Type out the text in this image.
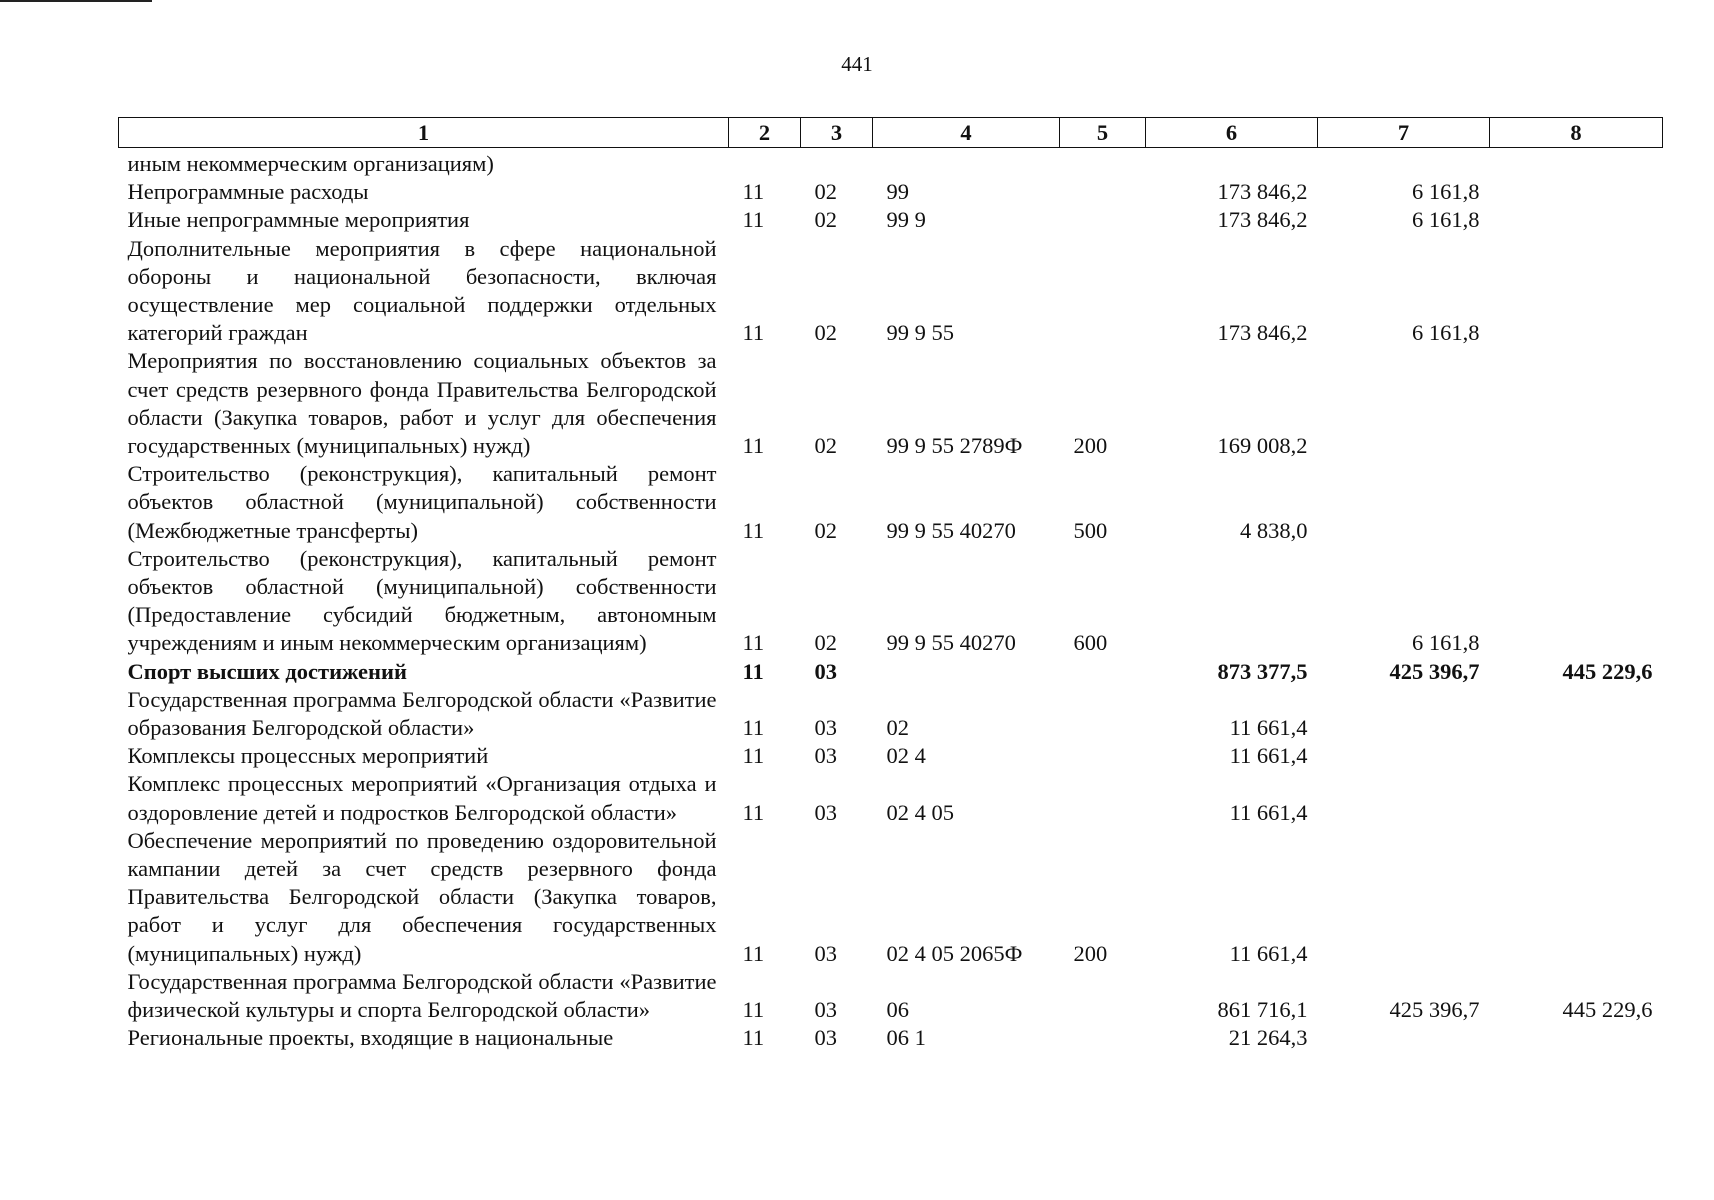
441
1	2	3	4	5	6	7	8
иным некоммерческим организациям)							
Непрограммные расходы	11	02	99		173 846,2	6 161,8	
Иные непрограммные мероприятия	11	02	99 9		173 846,2	6 161,8	
Дополнительные мероприятия в сфере национальной обороны и национальной безопасности, включая осуществление мер социальной поддержки отдельных категорий граждан	11	02	99 9 55		173 846,2	6 161,8	
Мероприятия по восстановлению социальных объектов за счет средств резервного фонда Правительства Белгородской области (Закупка товаров, работ и услуг для обеспечения государственных (муниципальных) нужд)	11	02	99 9 55 2789Ф	200	169 008,2		
Строительство (реконструкция), капитальный ремонт объектов областной (муниципальной) собственности (Межбюджетные трансферты)	11	02	99 9 55 40270	500	4 838,0		
Строительство (реконструкция), капитальный ремонт объектов областной (муниципальной) собственности (Предоставление субсидий бюджетным, автономным учреждениям и иным некоммерческим организациям)	11	02	99 9 55 40270	600		6 161,8	
Спорт высших достижений	11	03			873 377,5	425 396,7	445 229,6
Государственная программа Белгородской области «Развитие образования Белгородской области»	11	03	02		11 661,4		
Комплексы процессных мероприятий	11	03	02 4		11 661,4		
Комплекс процессных мероприятий «Организация отдыха и оздоровление детей и подростков Белгородской области»	11	03	02 4 05		11 661,4		
Обеспечение мероприятий по проведению оздоровительной кампании детей за счет средств резервного фонда Правительства Белгородской области (Закупка товаров, работ и услуг для обеспечения государственных (муниципальных) нужд)	11	03	02 4 05 2065Ф	200	11 661,4		
Государственная программа Белгородской области «Развитие физической культуры и спорта Белгородской области»	11	03	06		861 716,1	425 396,7	445 229,6
Региональные проекты, входящие в национальные	11	03	06 1		21 264,3		
